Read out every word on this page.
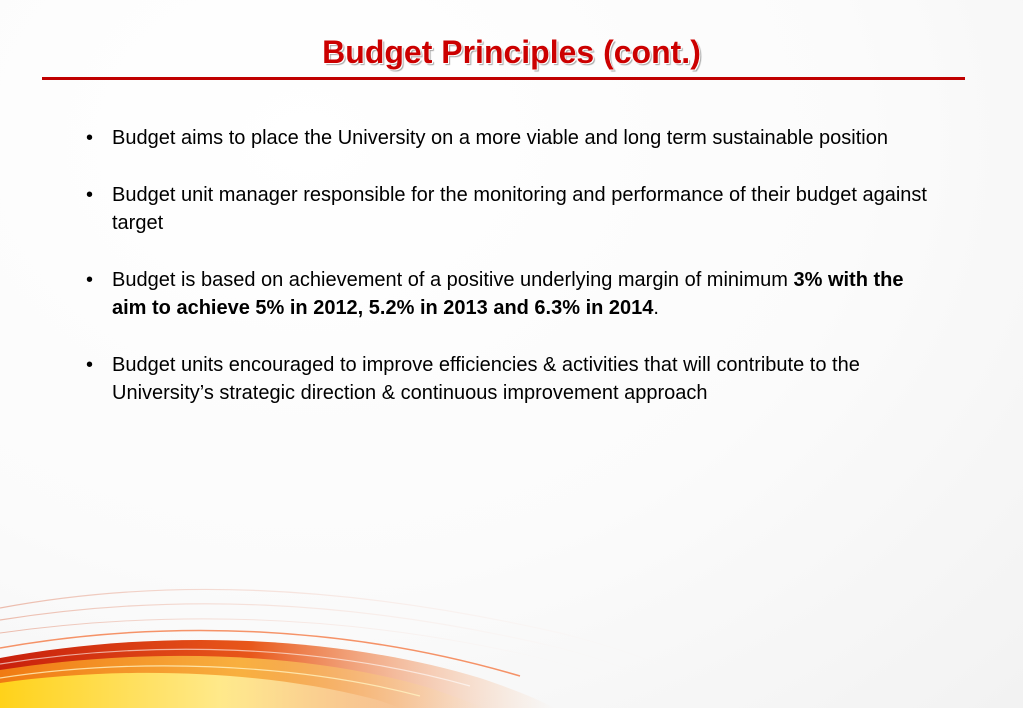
Budget Principles (cont.)
• Budget aims to place the University on a more viable and long term sustainable position
• Budget unit manager responsible for the monitoring and performance of their budget against target
• Budget is based on achievement of a positive underlying margin of minimum 3% with the aim to achieve 5% in 2012, 5.2% in 2013 and 6.3% in 2014.
• Budget units encouraged to improve efficiencies & activities that will contribute to the University’s strategic direction & continuous improvement approach
